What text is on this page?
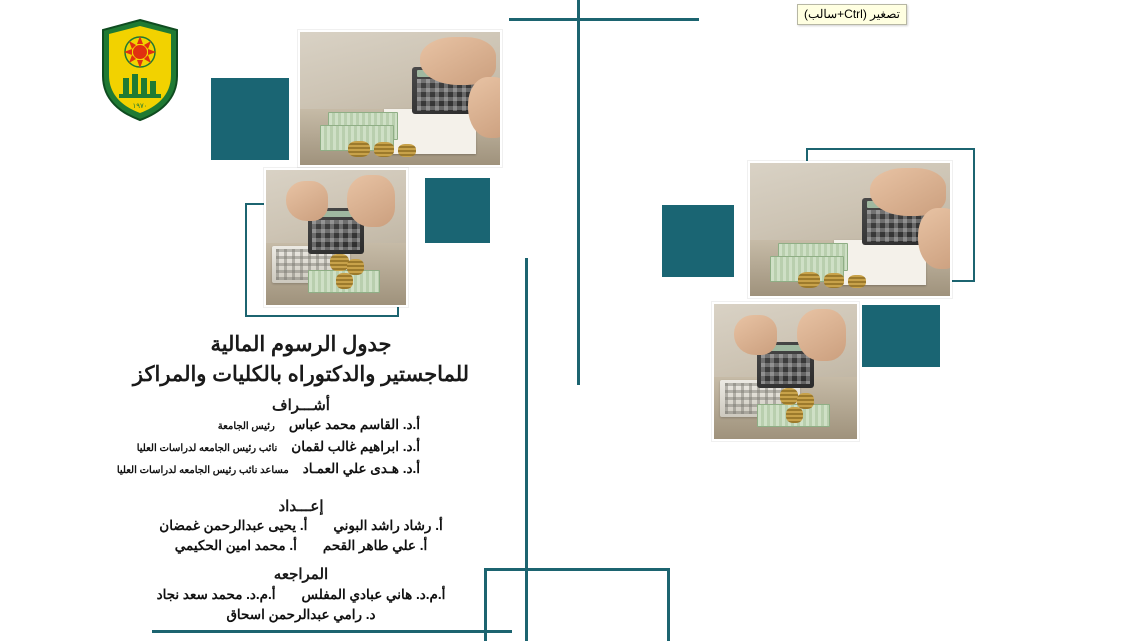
تصغير (Ctrl+سالب)
١٩٧٠
جدول الرسوم المالية
للماجستير والدكتوراه بالكليات والمراكز
أشـــراف
أ.د. القاسم محمد عباس
رئيس الجامعة
أ.د. ابراهيم غالب لقمان
نائب رئيس الجامعه لدراسات العليا
أ.د. هـدى علي العمـاد
مساعد نائب رئيس الجامعه لدراسات العليا
إعـــداد
أ. رشاد راشد البوني
أ. يحيى عبدالرحمن غمضان
أ. علي طاهر القحم
أ. محمد امين الحكيمي
المراجعه
أ.م.د. هاني عبادي المفلس
أ.م.د. محمد سعد نجاد
د. رامي عبدالرحمن اسحاق
